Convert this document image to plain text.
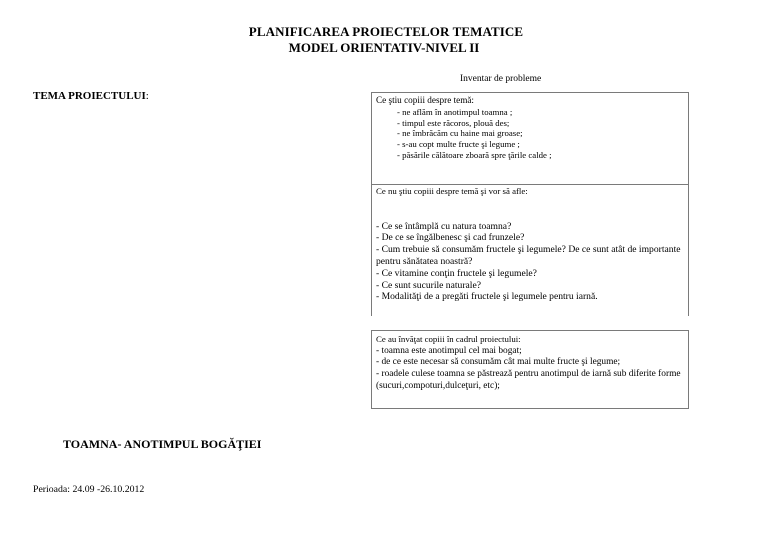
PLANIFICAREA PROIECTELOR TEMATICE
MODEL ORIENTATIV-NIVEL II
Inventar de probleme
TEMA PROIECTULUI:	Ce ştiu copiii despre temă:
- ne aflăm în anotimpul toamna ;
- timpul este răcoros, plouă des;
- ne îmbrăcăm cu haine mai groase;
- s-au copt multe fructe şi legume ;
- păsările călătoare zboară spre ţările calde ;
Ce nu ştiu copiii despre temă şi vor să afle:
- Ce se întâmplă cu natura toamna?
- De ce se îngălbenesc şi cad frunzele?
- Cum trebuie să consumăm fructele şi legumele? De ce sunt atât de importante pentru sănătatea noastră?
- Ce vitamine conţin fructele şi legumele?
- Ce sunt sucurile naturale?
- Modalităţi de a pregăti fructele şi legumele pentru iarnă.
Ce au învăţat copiii în cadrul proiectului:
- toamna este anotimpul cel mai bogat;
- de ce este necesar să consumăm cât mai multe fructe şi legume;
- roadele culese toamna se păstrează pentru anotimpul de iarnă sub diferite forme (sucuri,compoturi,dulceţuri, etc);
TOAMNA- ANOTIMPUL BOGĂŢIEI
Perioada: 24.09 -26.10.2012
